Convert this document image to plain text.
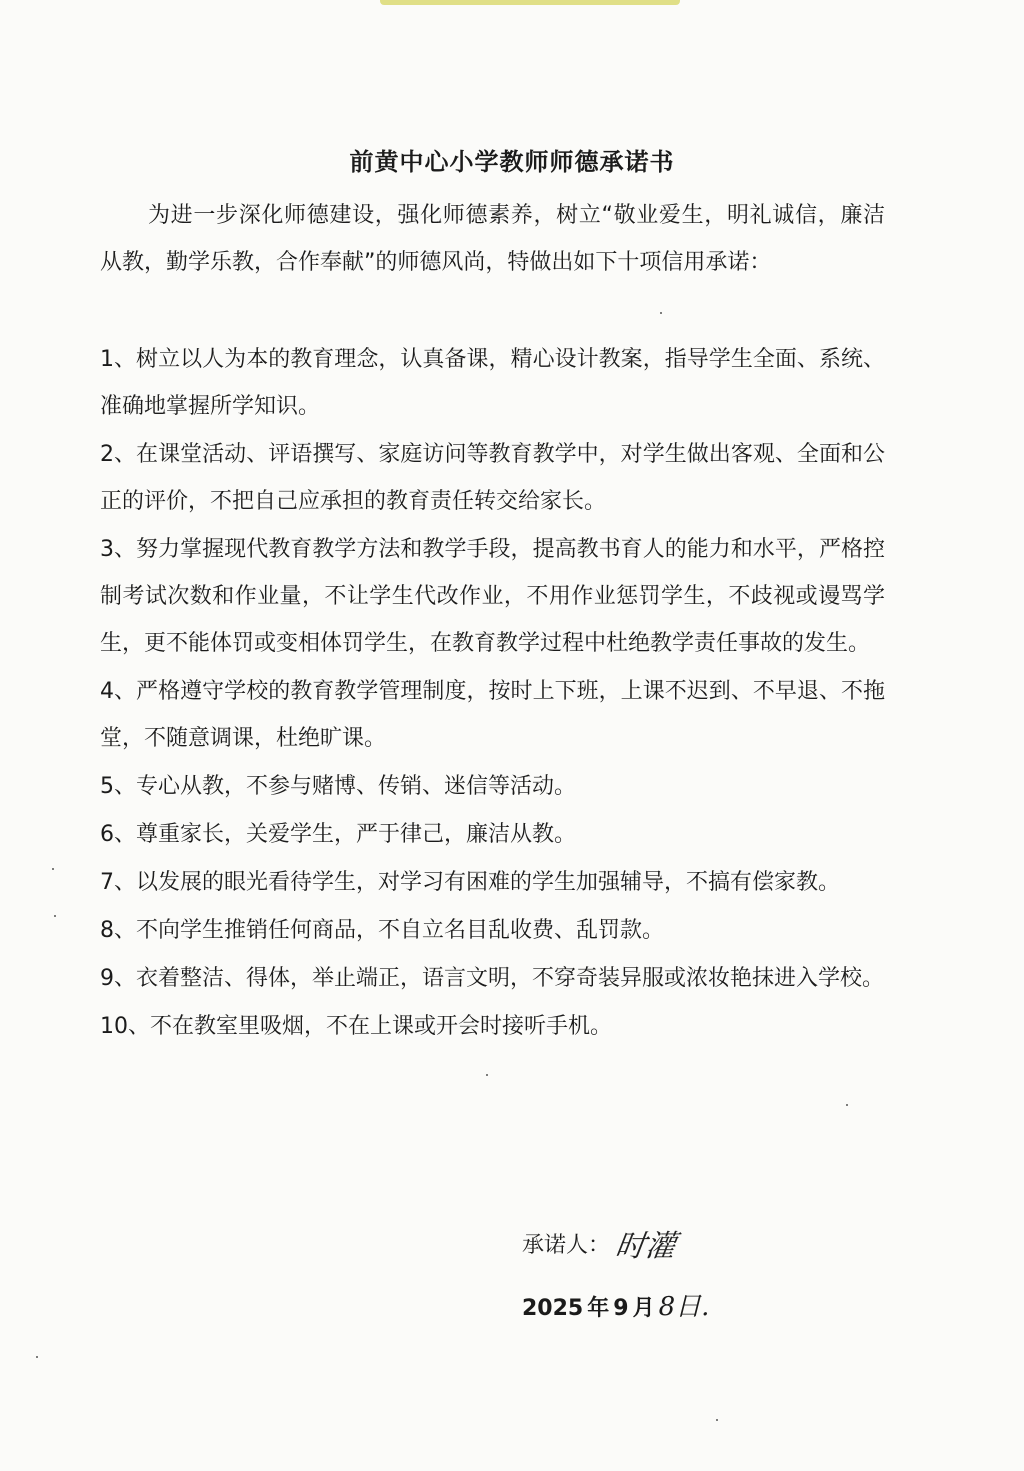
前黄中心小学教师师德承诺书
为进一步深化师德建设，强化师德素养，树立“敬业爱生，明礼诚信，廉洁从教，勤学乐教，合作奉献”的师德风尚，特做出如下十项信用承诺：

1、树立以人为本的教育理念，认真备课，精心设计教案，指导学生全面、系统、准确地掌握所学知识。

2、在课堂活动、评语撰写、家庭访问等教育教学中，对学生做出客观、全面和公正的评价，不把自己应承担的教育责任转交给家长。

3、努力掌握现代教育教学方法和教学手段，提高教书育人的能力和水平，严格控制考试次数和作业量，不让学生代改作业，不用作业惩罚学生，不歧视或谩骂学生，更不能体罚或变相体罚学生，在教育教学过程中杜绝教学责任事故的发生。

4、严格遵守学校的教育教学管理制度，按时上下班，上课不迟到、不早退、不拖堂，不随意调课，杜绝旷课。

5、专心从教，不参与赌博、传销、迷信等活动。

6、尊重家长，关爱学生，严于律己，廉洁从教。

7、以发展的眼光看待学生，对学习有困难的学生加强辅导，不搞有偿家教。

8、不向学生推销任何商品，不自立名目乱收费、乱罚款。

9、衣着整洁、得体，举止端正，语言文明，不穿奇装异服或浓妆艳抹进入学校。

10、不在教室里吸烟，不在上课或开会时接听手机。

承诺人： 时灌
2025 年 9 月 8日.
